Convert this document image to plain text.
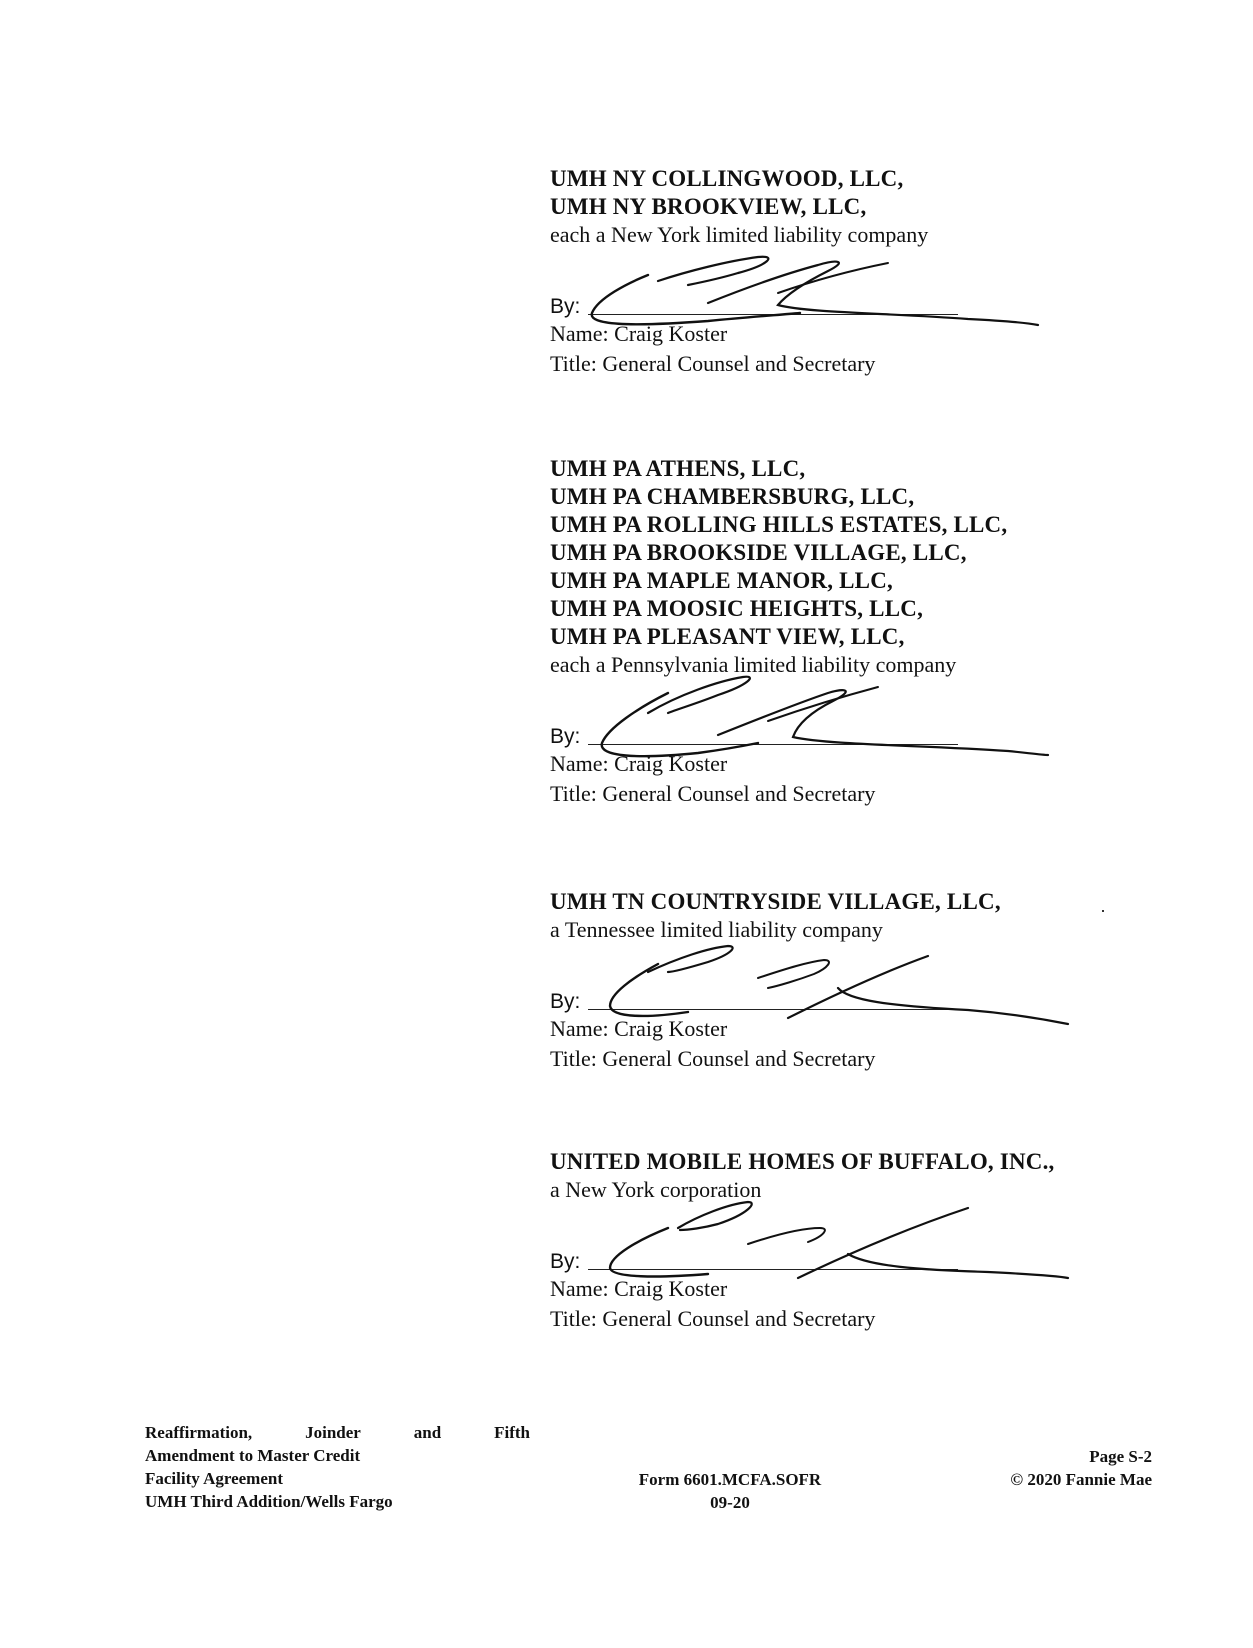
UMH NY COLLINGWOOD, LLC,
UMH NY BROOKVIEW, LLC,
each a New York limited liability company
By:
Name: Craig Koster
Title: General Counsel and Secretary
UMH PA ATHENS, LLC,
UMH PA CHAMBERSBURG, LLC,
UMH PA ROLLING HILLS ESTATES, LLC,
UMH PA BROOKSIDE VILLAGE, LLC,
UMH PA MAPLE MANOR, LLC,
UMH PA MOOSIC HEIGHTS, LLC,
UMH PA PLEASANT VIEW, LLC,
each a Pennsylvania limited liability company
By:
Name: Craig Koster
Title: General Counsel and Secretary
UMH TN COUNTRYSIDE VILLAGE, LLC,
a Tennessee limited liability company
By:
Name: Craig Koster
Title: General Counsel and Secretary
UNITED MOBILE HOMES OF BUFFALO, INC.,
a New York corporation
By:
Name: Craig Koster
Title: General Counsel and Secretary
Reaffirmation,	Joinder	and	Fifth
Amendment to Master Credit
Facility Agreement
UMH Third Addition/Wells Fargo
Form 6601.MCFA.SOFR
09-20
Page S-2
© 2020 Fannie Mae
